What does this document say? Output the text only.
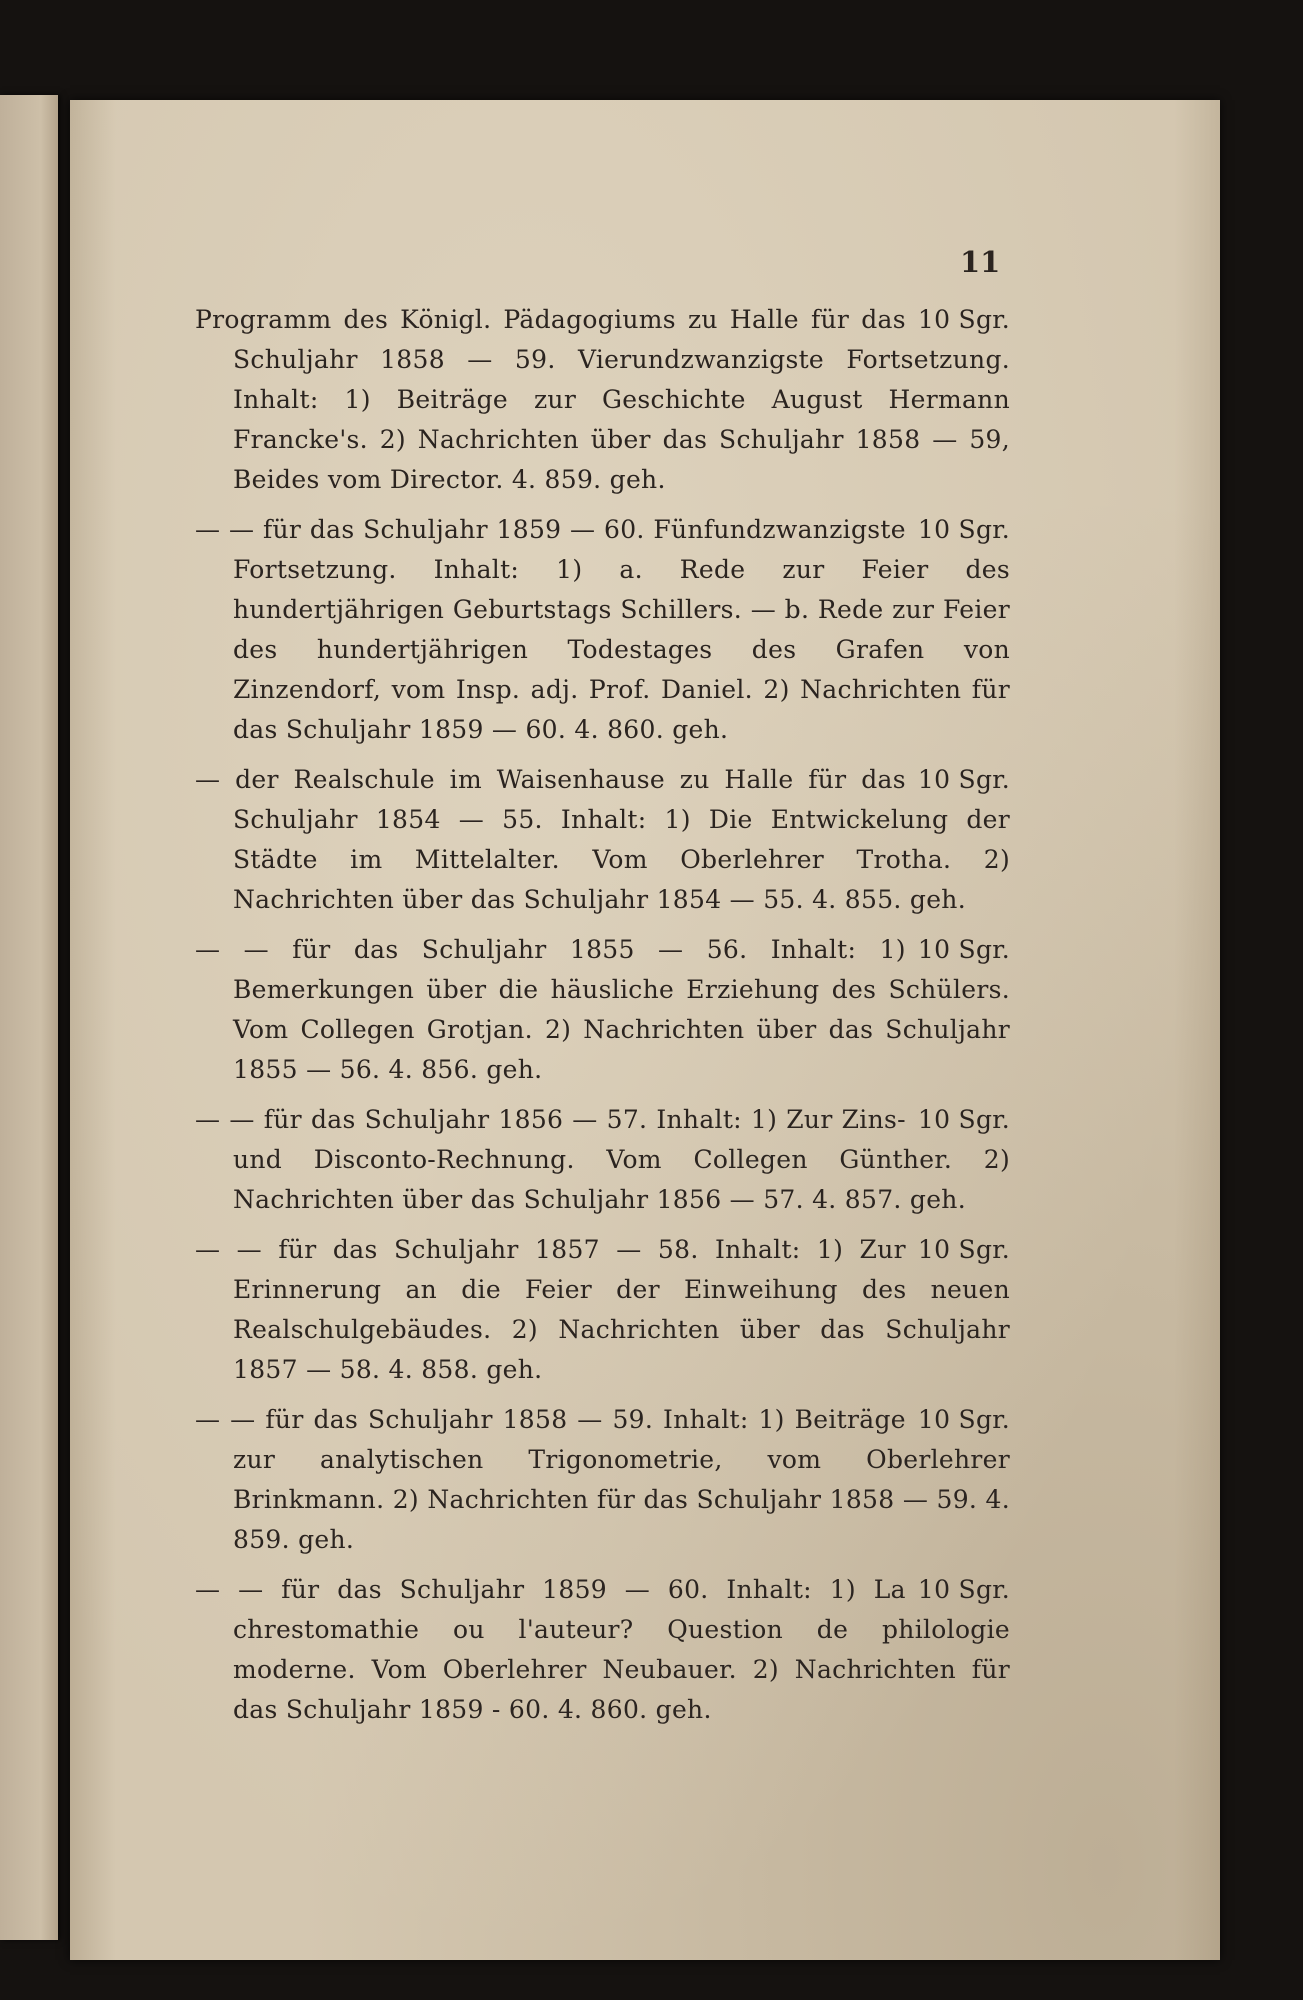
11

10 Sgr.
Programm des Königl. Pädagogiums zu Halle für das Schuljahr 1858 — 59. Vierundzwanzigste Fortsetzung. Inhalt: 1) Beiträge zur Geschichte August Hermann Francke's. 2) Nachrichten über das Schuljahr 1858 — 59, Beides vom Director. 4. 859. geh.

10 Sgr.
— — für das Schuljahr 1859 — 60. Fünfundzwanzigste Fortsetzung. Inhalt: 1) a. Rede zur Feier des hundertjährigen Geburtstags Schillers. — b. Rede zur Feier des hundertjährigen Todestages des Grafen von Zinzendorf, vom Insp. adj. Prof. Daniel. 2) Nachrichten für das Schuljahr 1859 — 60. 4. 860. geh.

10 Sgr.
— der Realschule im Waisenhause zu Halle für das Schuljahr 1854 — 55. Inhalt: 1) Die Entwickelung der Städte im Mittelalter. Vom Oberlehrer Trotha. 2) Nachrichten über das Schuljahr 1854 — 55. 4. 855. geh.

10 Sgr.
— — für das Schuljahr 1855 — 56. Inhalt: 1) Bemerkungen über die häusliche Erziehung des Schülers. Vom Collegen Grotjan. 2) Nachrichten über das Schuljahr 1855 — 56. 4. 856. geh.

10 Sgr.
— — für das Schuljahr 1856 — 57. Inhalt: 1) Zur Zins- und Disconto-Rechnung. Vom Collegen Günther. 2) Nachrichten über das Schuljahr 1856 — 57. 4. 857. geh.

10 Sgr.
— — für das Schuljahr 1857 — 58. Inhalt: 1) Zur Erinnerung an die Feier der Einweihung des neuen Realschulgebäudes. 2) Nachrichten über das Schuljahr 1857 — 58. 4. 858. geh.

10 Sgr.
— — für das Schuljahr 1858 — 59. Inhalt: 1) Beiträge zur analytischen Trigonometrie, vom Oberlehrer Brinkmann. 2) Nachrichten für das Schuljahr 1858 — 59. 4. 859. geh.

10 Sgr.
— — für das Schuljahr 1859 — 60. Inhalt: 1) La chrestomathie ou l'auteur? Question de philologie moderne. Vom Oberlehrer Neubauer. 2) Nachrichten für das Schuljahr 1859 - 60. 4. 860. geh.
